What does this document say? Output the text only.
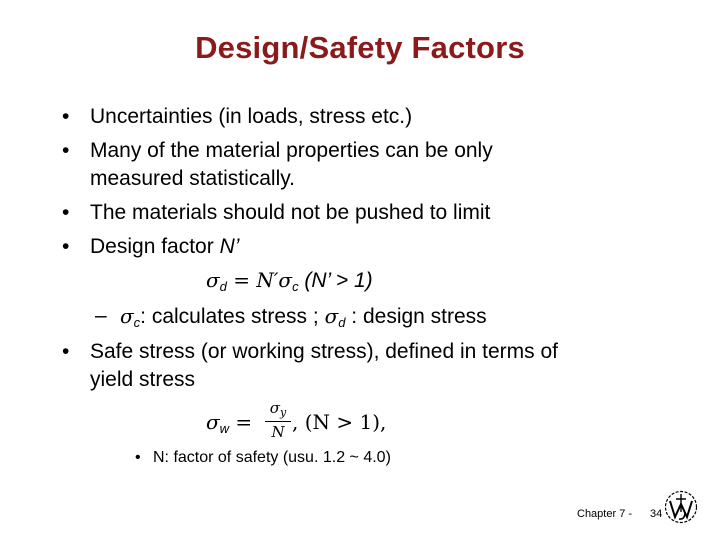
Design/Safety Factors
• Uncertainties (in loads, stress etc.)
• Many of the material properties can be only
measured statistically.
• The materials should not be pushed to limit
• Design factor N’
$\sigma_d = N'\sigma_c$ (N’ > 1)
– $\sigma_c$: calculates stress ; $\sigma_d$ : design stress
• Safe stress (or working stress), defined in terms of
yield stress
$\sigma_w$ =
$\sigma_y$
N , (N > 1),
• N: factor of safety (usu. 1.2 ~ 4.0)
Chapter 7 - 34
